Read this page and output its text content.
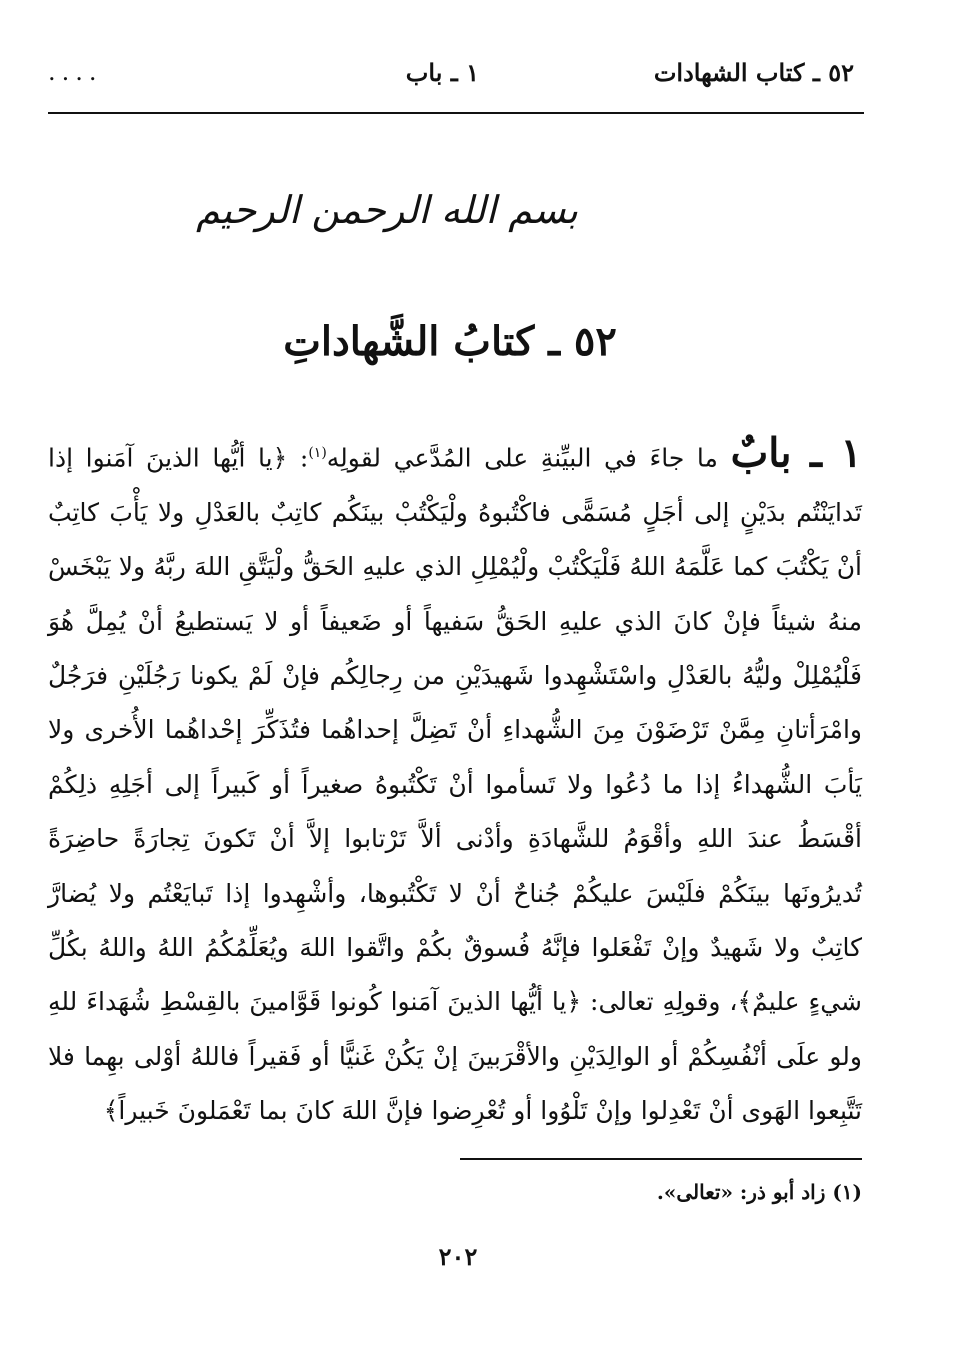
٥٢ ـ كتاب الشهادات
١ ـ باب
....
بسم الله الرحمن الرحيم
٥٢ ـ كتابُ الشَّهاداتِ
١ ـ بابٌ ما جاءَ في البيِّنةِ على المُدَّعي لقولِه$^{(١)}$: ﴿يا أيُّها الذينَ آمَنوا إذا تَدايَنْتُم بدَيْنٍ إلى أجَلٍ مُسَمًّى فاكْتُبوهُ ولْيَكْتُبْ بينَكُم كاتِبٌ بالعَدْلِ ولا يَأْبَ كاتِبٌ أنْ يَكْتُبَ كما عَلَّمَهُ اللهُ فَلْيَكْتُبْ ولْيُمْلِلِ الذي عليهِ الحَقُّ ولْيَتَّقِ اللهَ ربَّهُ ولا يَبْخَسْ منهُ شيئاً فإنْ كانَ الذي عليهِ الحَقُّ سَفيهاً أو ضَعيفاً أو لا يَستطيعُ أنْ يُمِلَّ هُوَ فَلْيُمْلِلْ وليُّهُ بالعَدْلِ واسْتَشْهِدوا شَهيدَيْنِ من رِجالِكُم فإنْ لَمْ يكونا رَجُلَيْنِ فرَجُلٌ وامْرَأتانِ مِمَّنْ تَرْضَوْنَ مِنَ الشُّهداءِ أنْ تَضِلَّ إحداهُما فتُذَكِّرَ إحْداهُما الأُخرى ولا يَأبَ الشُّهداءُ إذا ما دُعُوا ولا تَسأموا أنْ تَكْتُبوهُ صغيراً أو كَبيراً إلى أجَلِهِ ذلِكُمْ أقْسَطُ عندَ اللهِ وأقْوَمُ للشَّهادَةِ وأدْنى ألاَّ تَرْتابوا إلاَّ أنْ تَكونَ تِجارَةً حاضِرَةً تُديرُونَها بينَكُمْ فلَيْسَ عليكُمْ جُناحٌ أنْ لا تَكْتُبوها، وأشْهِدوا إذا تَبايَعْتُم ولا يُضارَّ كاتِبٌ ولا شَهيدٌ وإنْ تَفْعَلوا فإنَّهُ فُسوقٌ بكُمْ واتَّقوا اللهَ ويُعَلِّمُكُمُ اللهُ واللهُ بكُلِّ شيءٍ عليمٌ﴾، وقولِهِ تعالى: ﴿يا أيُّها الذينَ آمَنوا كُونوا قَوَّامينَ بالقِسْطِ شُهَداءَ للهِ ولو علَى أنْفُسِكُمْ أو الوالِدَيْنِ والأقْرَبينَ إنْ يَكُنْ غَنيًّا أو فَقيراً فاللهُ أوْلى بهِما فلا تَتَّبِعوا الهَوى أنْ تَعْدِلوا وإنْ تَلْوُوا أو تُعْرِضوا فإنَّ اللهَ كانَ بما تَعْمَلونَ خَبيراً﴾
(١) زاد أبو ذر: «تعالى».
٢٠٢
